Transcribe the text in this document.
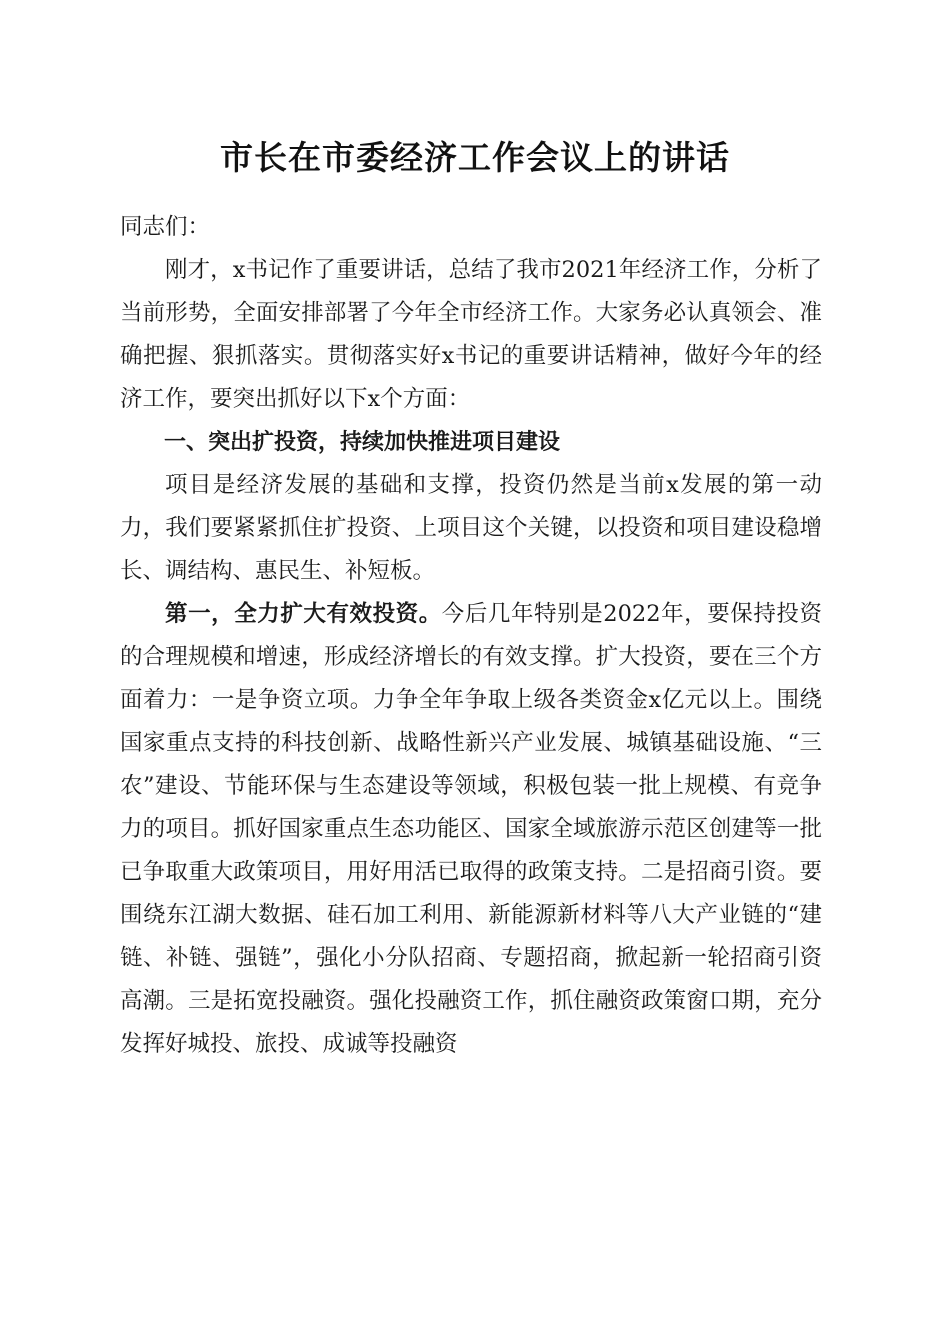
市长在市委经济工作会议上的讲话

同志们：

刚才，x书记作了重要讲话，总结了我市2021年经济工作，分析了当前形势，全面安排部署了今年全市经济工作。大家务必认真领会、准确把握、狠抓落实。贯彻落实好x书记的重要讲话精神，做好今年的经济工作，要突出抓好以下x个方面：

一、突出扩投资，持续加快推进项目建设

项目是经济发展的基础和支撑，投资仍然是当前x发展的第一动力，我们要紧紧抓住扩投资、上项目这个关键，以投资和项目建设稳增长、调结构、惠民生、补短板。

第一，全力扩大有效投资。今后几年特别是2022年，要保持投资的合理规模和增速，形成经济增长的有效支撑。扩大投资，要在三个方面着力：一是争资立项。力争全年争取上级各类资金x亿元以上。围绕国家重点支持的科技创新、战略性新兴产业发展、城镇基础设施、“三农”建设、节能环保与生态建设等领域，积极包装一批上规模、有竞争力的项目。抓好国家重点生态功能区、国家全域旅游示范区创建等一批已争取重大政策项目，用好用活已取得的政策支持。二是招商引资。要围绕东江湖大数据、硅石加工利用、新能源新材料等八大产业链的“建链、补链、强链”，强化小分队招商、专题招商，掀起新一轮招商引资高潮。三是拓宽投融资。强化投融资工作，抓住融资政策窗口期，充分发挥好城投、旅投、成诚等投融资
